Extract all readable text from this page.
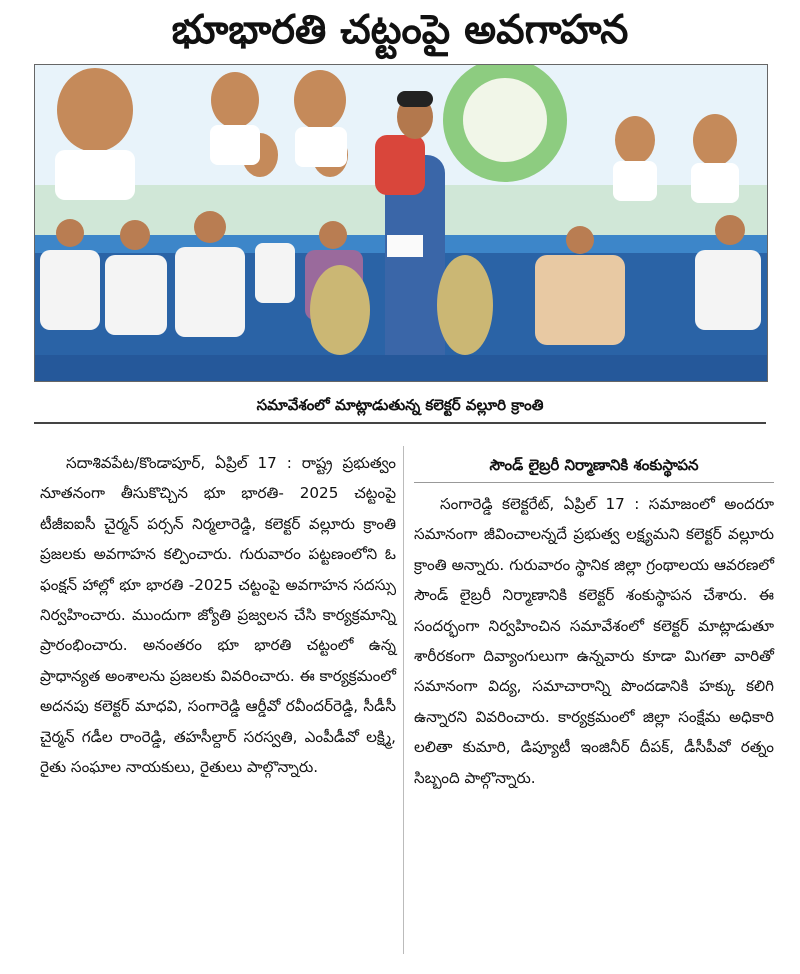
భూభారతి చట్టంపై అవగాహన
సమావేశంలో మాట్లాడుతున్న కలెక్టర్ వల్లూరి క్రాంతి

సదాశివపేట/కొండాపూర్, ఏప్రిల్ 17 : రాష్ట్ర ప్రభుత్వం నూతనంగా తీసుకొచ్చిన భూ భారతి- 2025 చట్టంపై టీజీఐఐసీ చైర్మన్ పర్సన్ నిర్మలారెడ్డి, కలెక్టర్ వల్లూరు క్రాంతి ప్రజలకు అవగాహన కల్పించారు. గురువారం పట్టణంలోని ఓ ఫంక్షన్ హాల్లో భూ భారతి -2025 చట్టంపై అవగాహన సదస్సు నిర్వహించారు. ముందుగా జ్యోతి ప్రజ్వలన చేసి కార్యక్రమాన్ని ప్రారంభించారు. అనంతరం భూ భారతి చట్టంలో ఉన్న ప్రాధాన్యత అంశాలను ప్రజలకు వివరించారు. ఈ కార్యక్రమంలో అదనపు కలెక్టర్ మాధవి, సంగారెడ్డి ఆర్డీవో రవీందర్‌రెడ్డి, సీడీసీ చైర్మన్ గడీల రాంరెడ్డి, తహసీల్దార్ సరస్వతి, ఎంపీడీవో లక్ష్మి, రైతు సంఘాల నాయకులు, రైతులు పాల్గొన్నారు.

సౌండ్ లైబ్రరీ నిర్మాణానికి శంకుస్థాపన

సంగారెడ్డి కలెక్టరేట్, ఏప్రిల్ 17 : సమాజంలో అందరూ సమానంగా జీవించాలన్నదే ప్రభుత్వ లక్ష్యమని కలెక్టర్ వల్లూరు క్రాంతి అన్నారు. గురువారం స్థానిక జిల్లా గ్రంథాలయ ఆవరణలో సౌండ్ లైబ్రరీ నిర్మాణానికి కలెక్టర్ శంకుస్థాపన చేశారు. ఈ సందర్భంగా నిర్వహించిన సమావేశంలో కలెక్టర్ మాట్లాడుతూ శారీరకంగా దివ్యాంగులుగా ఉన్నవారు కూడా మిగతా వారితో సమానంగా విద్య, సమాచారాన్ని పొందడానికి హక్కు కలిగి ఉన్నారని వివరించారు. కార్యక్రమంలో జిల్లా సంక్షేమ అధికారి లలితా కుమారి, డిప్యూటీ ఇంజినీర్ దీపక్, డీసీపీవో రత్నం సిబ్బంది పాల్గొన్నారు.
